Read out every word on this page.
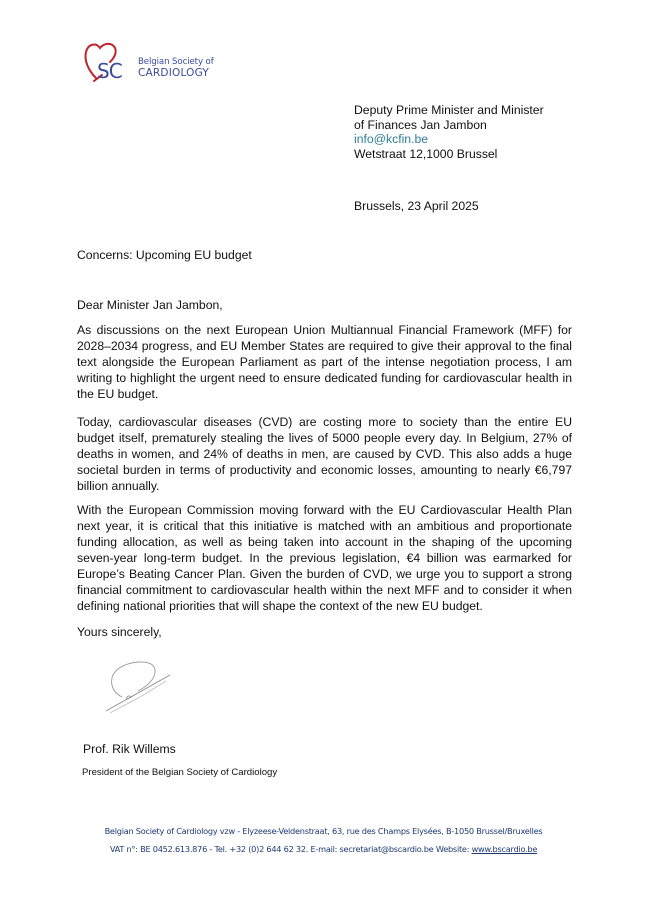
SC Belgian Society of
CARDIOLOGY
Deputy Prime Minister and Minister
of Finances Jan Jambon
info@kcfin.be
Wetstraat 12,1000 Brussel
Brussels, 23 April 2025
Concerns: Upcoming EU budget
Dear Minister Jan Jambon,

As discussions on the next European Union Multiannual Financial Framework (MFF) for 2028–2034 progress, and EU Member States are required to give their approval to the final text alongside the European Parliament as part of the intense negotiation process, I am writing to highlight the urgent need to ensure dedicated funding for cardiovascular health in the EU budget.

Today, cardiovascular diseases (CVD) are costing more to society than the entire EU budget itself, prematurely stealing the lives of 5000 people every day. In Belgium, 27% of deaths in women, and 24% of deaths in men, are caused by CVD. This also adds a huge societal burden in terms of productivity and economic losses, amounting to nearly €6,797 billion annually.

With the European Commission moving forward with the EU Cardiovascular Health Plan next year, it is critical that this initiative is matched with an ambitious and proportionate funding allocation, as well as being taken into account in the shaping of the upcoming seven-year long-term budget. In the previous legislation, €4 billion was earmarked for Europe’s Beating Cancer Plan. Given the burden of CVD, we urge you to support a strong financial commitment to cardiovascular health within the next MFF and to consider it when defining national priorities that will shape the context of the new EU budget.

Yours sincerely,
Prof. Rik Willems
President of the Belgian Society of Cardiology
Belgian Society of Cardiology vzw - Elyzeese-Veldenstraat, 63, rue des Champs Elysées, B-1050 Brussel/Bruxelles
VAT n°: BE 0452.613.876 - Tel. +32 (0)2 644 62 32. E-mail: secretariat@bscardio.be Website: www.bscardio.be
